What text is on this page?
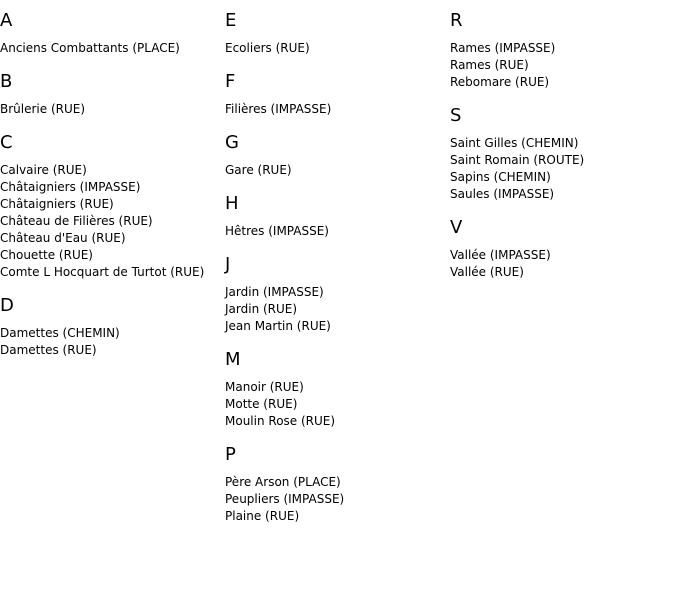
A
Anciens Combattants (PLACE)
B
Brûlerie (RUE)
C
Calvaire (RUE)
Châtaigniers (IMPASSE)
Châtaigniers (RUE)
Château de Filières (RUE)
Château d'Eau (RUE)
Chouette (RUE)
Comte L Hocquart de Turtot (RUE)
D
Damettes (CHEMIN)
Damettes (RUE)
E
Ecoliers (RUE)
F
Filières (IMPASSE)
G
Gare (RUE)
H
Hêtres (IMPASSE)
J
Jardin (IMPASSE)
Jardin (RUE)
Jean Martin (RUE)
M
Manoir (RUE)
Motte (RUE)
Moulin Rose (RUE)
P
Père Arson (PLACE)
Peupliers (IMPASSE)
Plaine (RUE)
R
Rames (IMPASSE)
Rames (RUE)
Rebomare (RUE)
S
Saint Gilles (CHEMIN)
Saint Romain (ROUTE)
Sapins (CHEMIN)
Saules (IMPASSE)
V
Vallée (IMPASSE)
Vallée (RUE)
